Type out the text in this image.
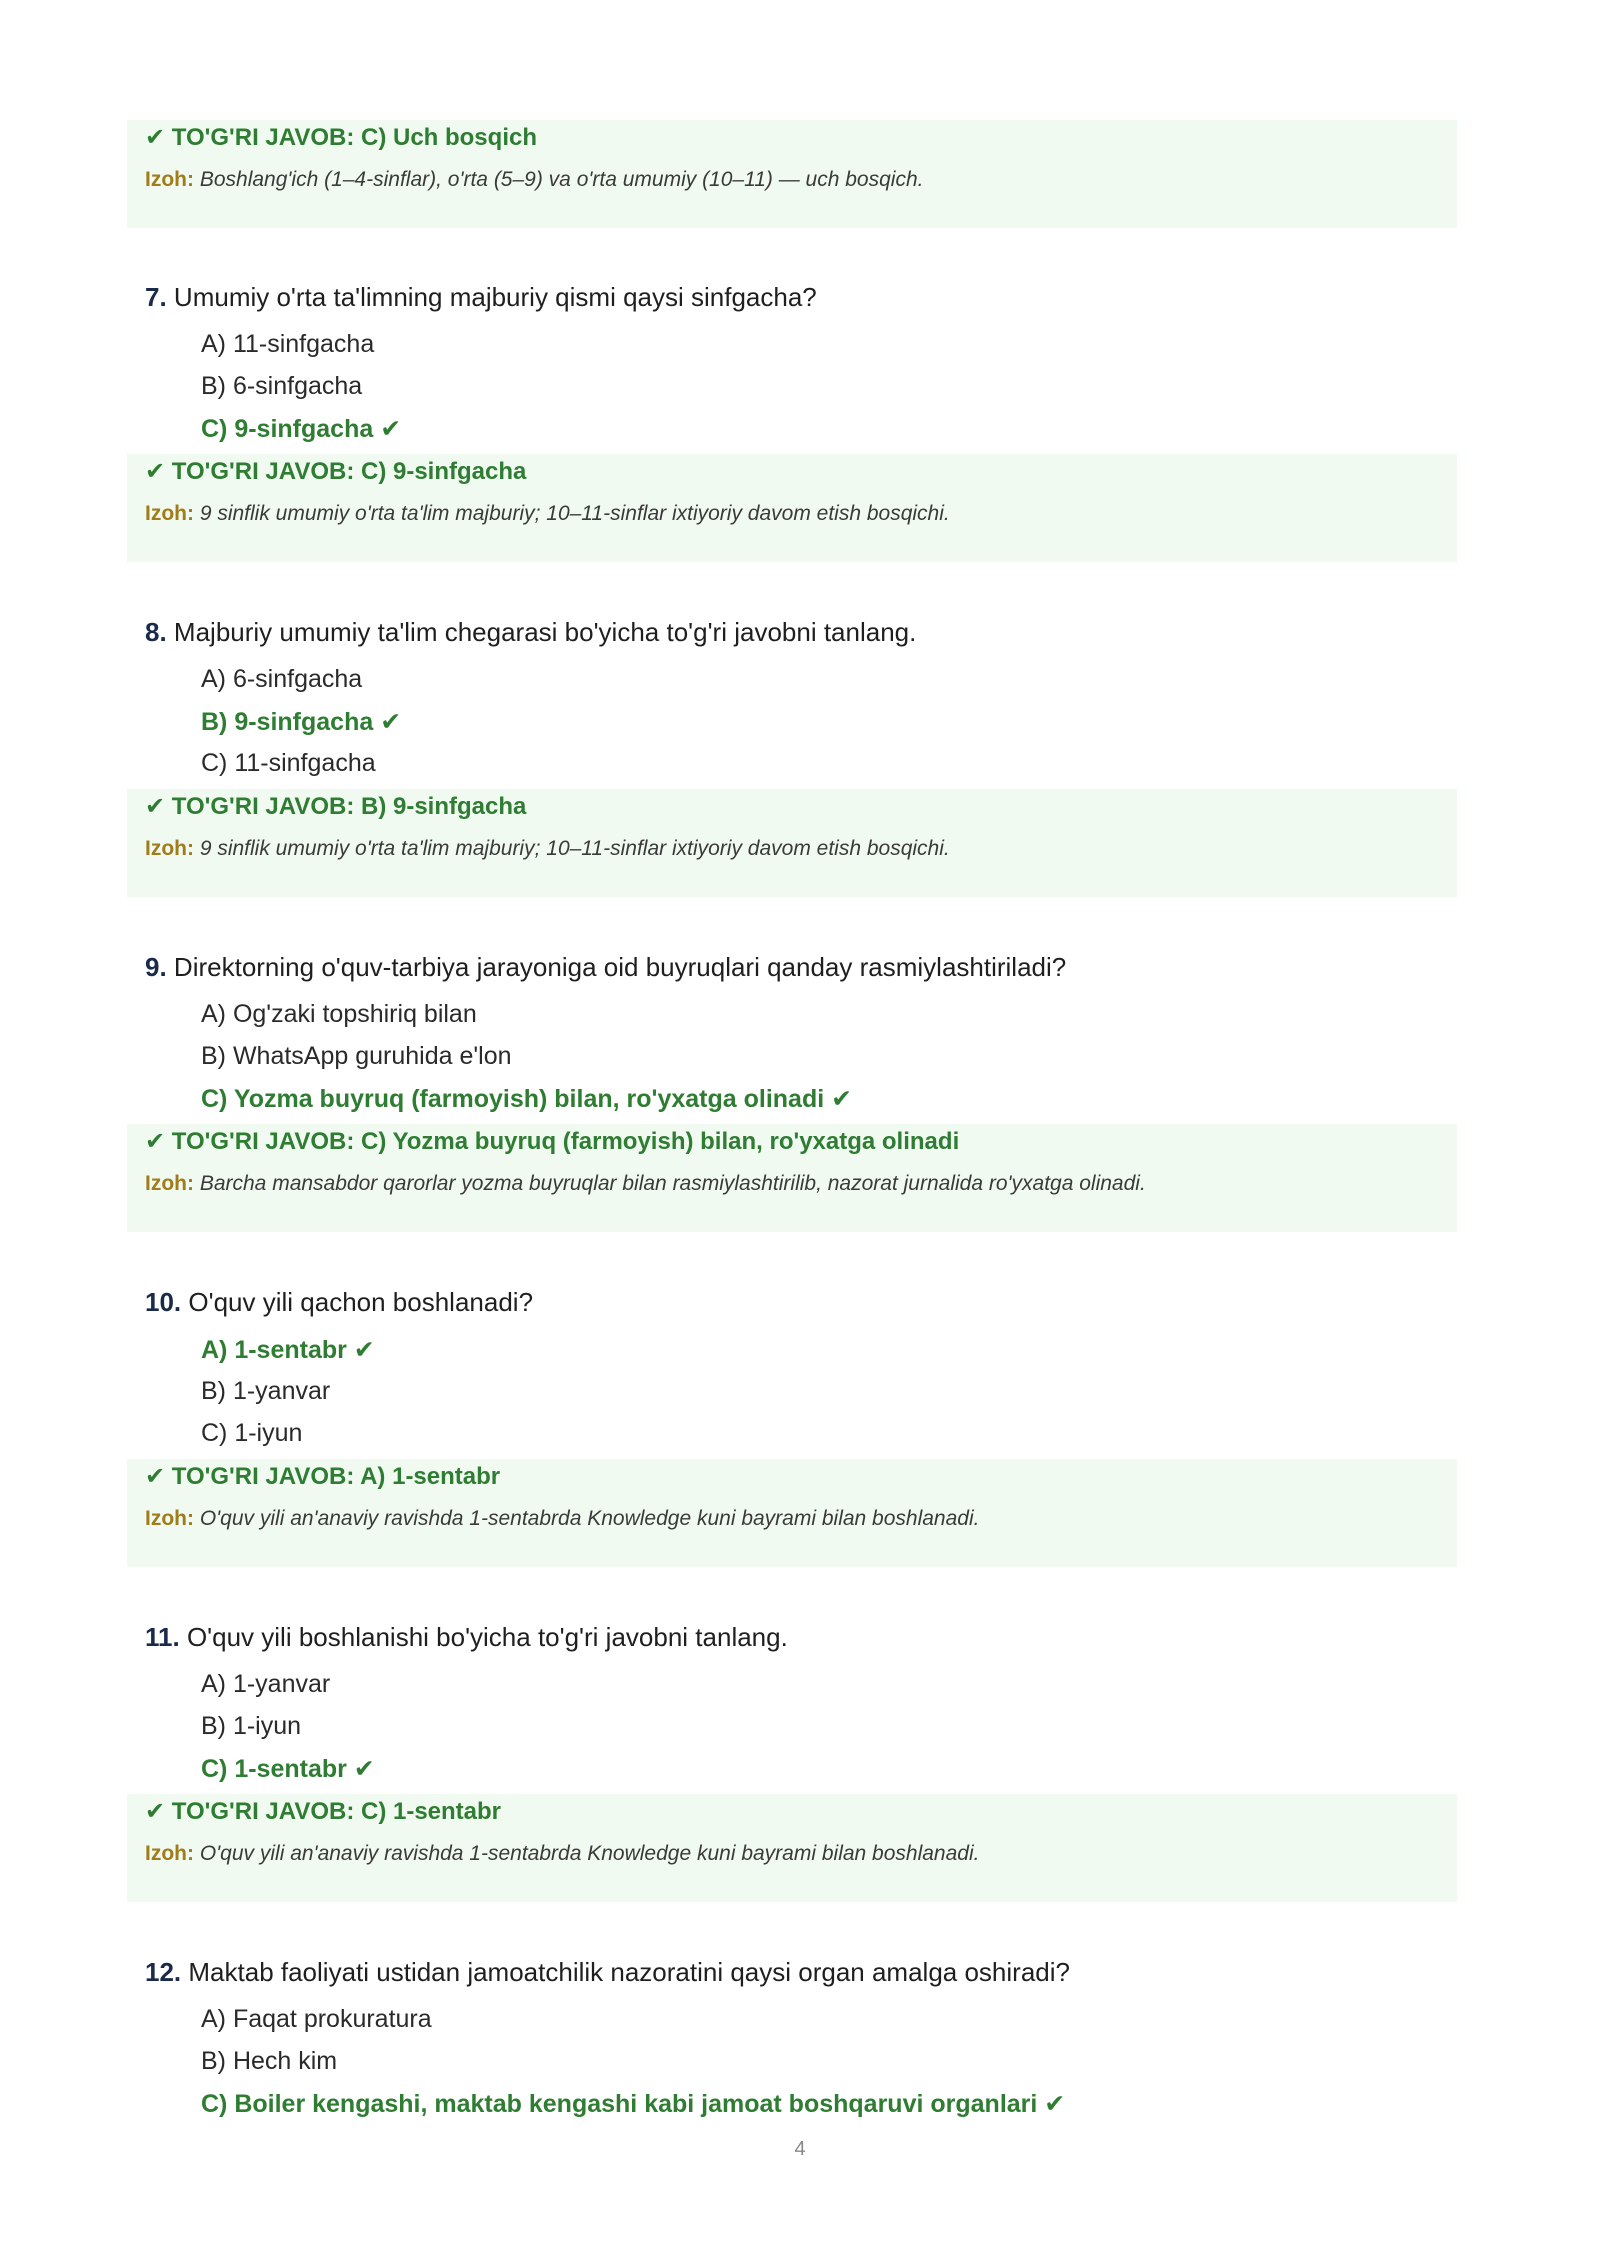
✔ TO'G'RI JAVOB: C) Uch bosqich
Izoh: Boshlang'ich (1–4-sinflar), o'rta (5–9) va o'rta umumiy (10–11) — uch bosqich.
7. Umumiy o'rta ta'limning majburiy qismi qaysi sinfgacha?
A) 11-sinfgacha
B) 6-sinfgacha
C) 9-sinfgacha ✔
✔ TO'G'RI JAVOB: C) 9-sinfgacha
Izoh: 9 sinflik umumiy o'rta ta'lim majburiy; 10–11-sinflar ixtiyoriy davom etish bosqichi.
8. Majburiy umumiy ta'lim chegarasi bo'yicha to'g'ri javobni tanlang.
A) 6-sinfgacha
B) 9-sinfgacha ✔
C) 11-sinfgacha
✔ TO'G'RI JAVOB: B) 9-sinfgacha
Izoh: 9 sinflik umumiy o'rta ta'lim majburiy; 10–11-sinflar ixtiyoriy davom etish bosqichi.
9. Direktorning o'quv-tarbiya jarayoniga oid buyruqlari qanday rasmiylashtiriladi?
A) Og'zaki topshiriq bilan
B) WhatsApp guruhida e'lon
C) Yozma buyruq (farmoyish) bilan, ro'yxatga olinadi ✔
✔ TO'G'RI JAVOB: C) Yozma buyruq (farmoyish) bilan, ro'yxatga olinadi
Izoh: Barcha mansabdor qarorlar yozma buyruqlar bilan rasmiylashtirilib, nazorat jurnalida ro'yxatga olinadi.
10. O'quv yili qachon boshlanadi?
A) 1-sentabr ✔
B) 1-yanvar
C) 1-iyun
✔ TO'G'RI JAVOB: A) 1-sentabr
Izoh: O'quv yili an'anaviy ravishda 1-sentabrda Knowledge kuni bayrami bilan boshlanadi.
11. O'quv yili boshlanishi bo'yicha to'g'ri javobni tanlang.
A) 1-yanvar
B) 1-iyun
C) 1-sentabr ✔
✔ TO'G'RI JAVOB: C) 1-sentabr
Izoh: O'quv yili an'anaviy ravishda 1-sentabrda Knowledge kuni bayrami bilan boshlanadi.
12. Maktab faoliyati ustidan jamoatchilik nazoratini qaysi organ amalga oshiradi?
A) Faqat prokuratura
B) Hech kim
C) Boiler kengashi, maktab kengashi kabi jamoat boshqaruvi organlari ✔
4
